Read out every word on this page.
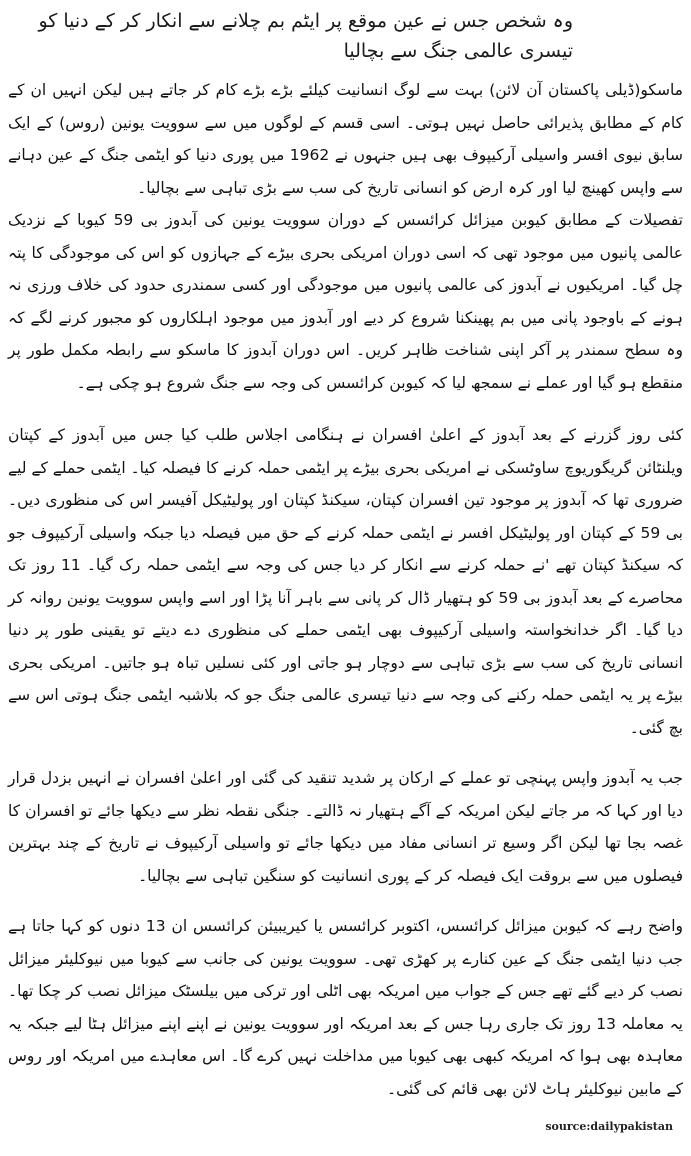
وہ شخص جس نے عین موقع پر ایٹم بم چلانے سے انکار کر کے دنیا کو تیسری عالمی جنگ سے بچالیا

ماسکو(ڈیلی پاکستان آن لائن) بہت سے لوگ انسانیت کیلئے بڑے بڑے کام کر جاتے ہیں لیکن انہیں ان کے کام کے مطابق پذیرائی حاصل نہیں ہوتی۔ اسی قسم کے لوگوں میں سے سوویت یونین (روس) کے ایک سابق نیوی افسر واسیلی آرکیپوف بھی ہیں جنہوں نے 1962 میں پوری دنیا کو ایٹمی جنگ کے عین دہانے سے واپس کھینچ لیا اور کرہ ارض کو انسانی تاریخ کی سب سے بڑی تباہی سے بچالیا۔

تفصیلات کے مطابق کیوبن میزائل کرائسس کے دوران سوویت یونین کی آبدوز بی 59 کیوبا کے نزدیک عالمی پانیوں میں موجود تھی کہ اسی دوران امریکی بحری بیڑے کے جہازوں کو اس کی موجودگی کا پتہ چل گیا۔ امریکیوں نے آبدوز کی عالمی پانیوں میں موجودگی اور کسی سمندری حدود کی خلاف ورزی نہ ہونے کے باوجود پانی میں بم پھینکنا شروع کر دیے اور آبدوز میں موجود اہلکاروں کو مجبور کرنے لگے کہ وہ سطح سمندر پر آکر اپنی شناخت ظاہر کریں۔ اس دوران آبدوز کا ماسکو سے رابطہ مکمل طور پر منقطع ہو گیا اور عملے نے سمجھ لیا کہ کیوبن کرائسس کی وجہ سے جنگ شروع ہو چکی ہے۔

کئی روز گزرنے کے بعد آبدوز کے اعلیٰ افسران نے ہنگامی اجلاس طلب کیا جس میں آبدوز کے کپتان ویلنٹائن گریگوریوچ ساوٹسکی نے امریکی بحری بیڑے پر ایٹمی حملہ کرنے کا فیصلہ کیا۔ ایٹمی حملے کے لیے ضروری تھا کہ آبدوز پر موجود تین افسران کپتان، سیکنڈ کپتان اور پولیٹیکل آفیسر اس کی منظوری دیں۔ بی 59 کے کپتان اور پولیٹیکل افسر نے ایٹمی حملہ کرنے کے حق میں فیصلہ دیا جبکہ واسیلی آرکیپوف جو کہ سیکنڈ کپتان تھے 'نے حملہ کرنے سے انکار کر دیا جس کی وجہ سے ایٹمی حملہ رک گیا۔ 11 روز تک محاصرے کے بعد آبدوز بی 59 کو ہتھیار ڈال کر پانی سے باہر آنا پڑا اور اسے واپس سوویت یونین روانہ کر دیا گیا۔ اگر خدانخواستہ واسیلی آرکیپوف بھی ایٹمی حملے کی منظوری دے دیتے تو یقینی طور پر دنیا انسانی تاریخ کی سب سے بڑی تباہی سے دوچار ہو جاتی اور کئی نسلیں تباہ ہو جاتیں۔ امریکی بحری بیڑے پر یہ ایٹمی حملہ رکنے کی وجہ سے دنیا تیسری عالمی جنگ جو کہ بلاشبہ ایٹمی جنگ ہوتی اس سے بچ گئی۔

جب یہ آبدوز واپس پہنچی تو عملے کے ارکان پر شدید تنقید کی گئی اور اعلیٰ افسران نے انہیں بزدل قرار دیا اور کہا کہ مر جاتے لیکن امریکہ کے آگے ہتھیار نہ ڈالتے۔ جنگی نقطہ نظر سے دیکھا جائے تو افسران کا غصہ بجا تھا لیکن اگر وسیع تر انسانی مفاد میں دیکھا جائے تو واسیلی آرکیپوف نے تاریخ کے چند بہترین فیصلوں میں سے بروقت ایک فیصلہ کر کے پوری انسانیت کو سنگین تباہی سے بچالیا۔

واضح رہے کہ کیوبن میزائل کرائسس، اکتوبر کرائسس یا کیریبیئن کرائسس ان 13 دنوں کو کہا جاتا ہے جب دنیا ایٹمی جنگ کے عین کنارے پر کھڑی تھی۔ سوویت یونین کی جانب سے کیوبا میں نیوکلیئر میزائل نصب کر دیے گئے تھے جس کے جواب میں امریکہ بھی اٹلی اور ترکی میں بیلسٹک میزائل نصب کر چکا تھا۔ یہ معاملہ 13 روز تک جاری رہا جس کے بعد امریکہ اور سوویت یونین نے اپنے اپنے میزائل ہٹا لیے جبکہ یہ معاہدہ بھی ہوا کہ امریکہ کبھی بھی کیوبا میں مداخلت نہیں کرے گا۔ اس معاہدے میں امریکہ اور روس کے مابین نیوکلیئر ہاٹ لائن بھی قائم کی گئی۔

source:dailypakistan
